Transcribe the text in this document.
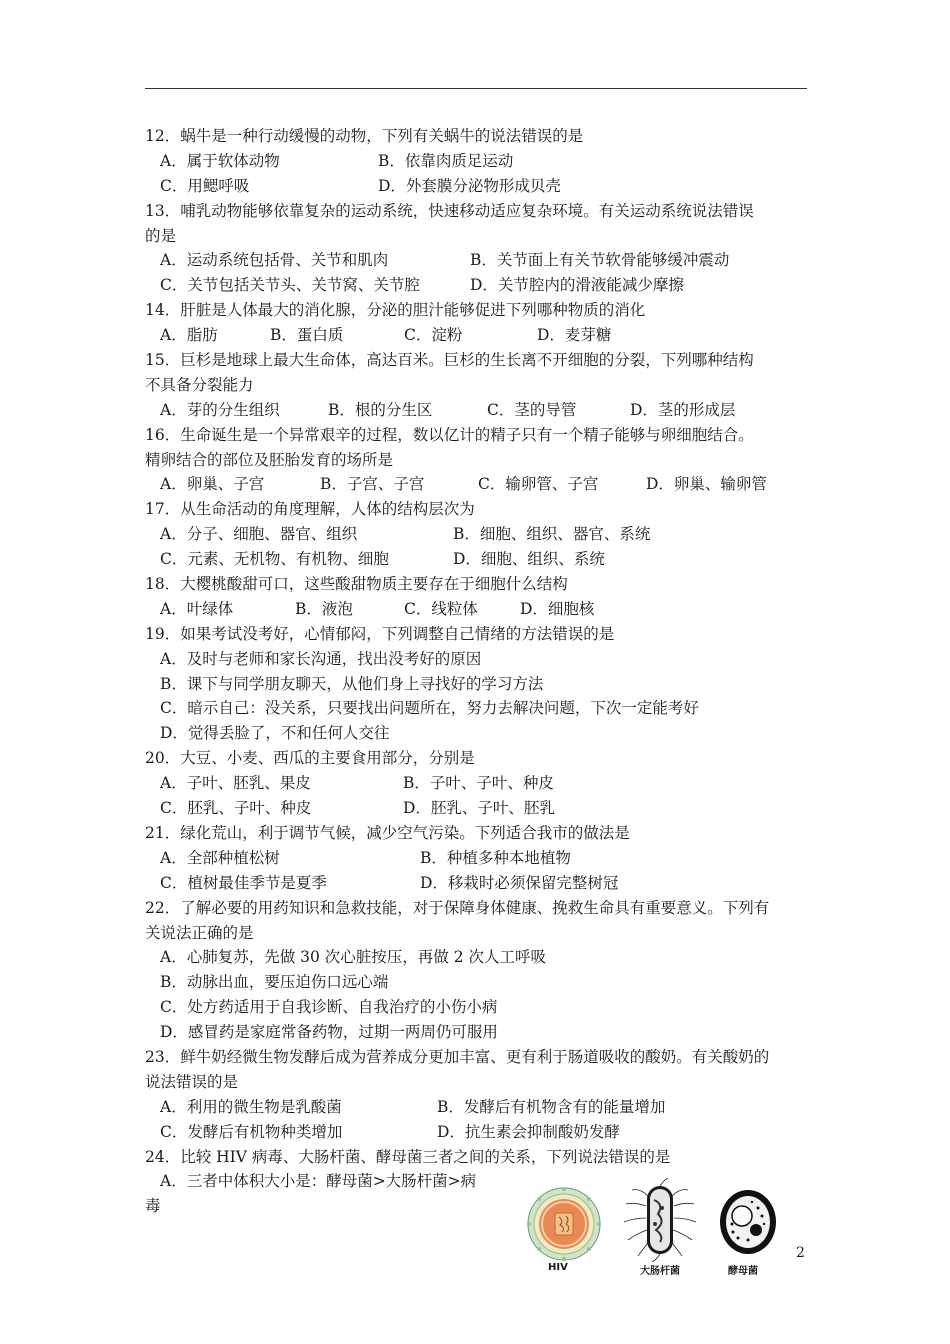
12．蜗牛是一种行动缓慢的动物，下列有关蜗牛的说法错误的是
A．属于软体动物	B．依靠肉质足运动
C．用鳃呼吸	D．外套膜分泌物形成贝壳
13．哺乳动物能够依靠复杂的运动系统，快速移动适应复杂环境。有关运动系统说法错误
的是
A．运动系统包括骨、关节和肌肉	B．关节面上有关节软骨能够缓冲震动
C．关节包括关节头、关节窝、关节腔	D．关节腔内的滑液能减少摩擦
14．肝脏是人体最大的消化腺，分泌的胆汁能够促进下列哪种物质的消化
A．脂肪	B．蛋白质	C．淀粉	D．麦芽糖
15．巨杉是地球上最大生命体，高达百米。巨杉的生长离不开细胞的分裂，下列哪种结构
不具备分裂能力
A．芽的分生组织	B．根的分生区	C．茎的导管	D．茎的形成层
16．生命诞生是一个异常艰辛的过程，数以亿计的精子只有一个精子能够与卵细胞结合。
精卵结合的部位及胚胎发育的场所是
A．卵巢、子宫	B．子宫、子宫	C．输卵管、子宫	D．卵巢、输卵管
17．从生命活动的角度理解，人体的结构层次为
A．分子、细胞、器官、组织	B．细胞、组织、器官、系统
C．元素、无机物、有机物、细胞	D．细胞、组织、系统
18．大樱桃酸甜可口，这些酸甜物质主要存在于细胞什么结构
A．叶绿体	B．液泡	C．线粒体	D．细胞核
19．如果考试没考好，心情郁闷，下列调整自己情绪的方法错误的是
A．及时与老师和家长沟通，找出没考好的原因
B．课下与同学朋友聊天，从他们身上寻找好的学习方法
C．暗示自己：没关系，只要找出问题所在，努力去解决问题，下次一定能考好
D．觉得丢脸了，不和任何人交往
20．大豆、小麦、西瓜的主要食用部分，分别是
A．子叶、胚乳、果皮	B．子叶、子叶、种皮
C．胚乳、子叶、种皮	D．胚乳、子叶、胚乳
21．绿化荒山，利于调节气候，减少空气污染。下列适合我市的做法是
A．全部种植松树	B．种植多种本地植物
C．植树最佳季节是夏季	D．移栽时必须保留完整树冠
22．了解必要的用药知识和急救技能，对于保障身体健康、挽救生命具有重要意义。下列有
关说法正确的是
A．心肺复苏，先做 30 次心脏按压，再做 2 次人工呼吸
B．动脉出血，要压迫伤口远心端
C．处方药适用于自我诊断、自我治疗的小伤小病
D．感冒药是家庭常备药物，过期一两周仍可服用
23．鲜牛奶经微生物发酵后成为营养成分更加丰富、更有利于肠道吸收的酸奶。有关酸奶的
说法错误的是
A．利用的微生物是乳酸菌	B．发酵后有机物含有的能量增加
C．发酵后有机物种类增加	D．抗生素会抑制酸奶发酵
24．比较 HIV 病毒、大肠杆菌、酵母菌三者之间的关系，下列说法错误的是
A．三者中体积大小是：酵母菌>大肠杆菌>病
毒
HIV	大肠杆菌	酵母菌
2
